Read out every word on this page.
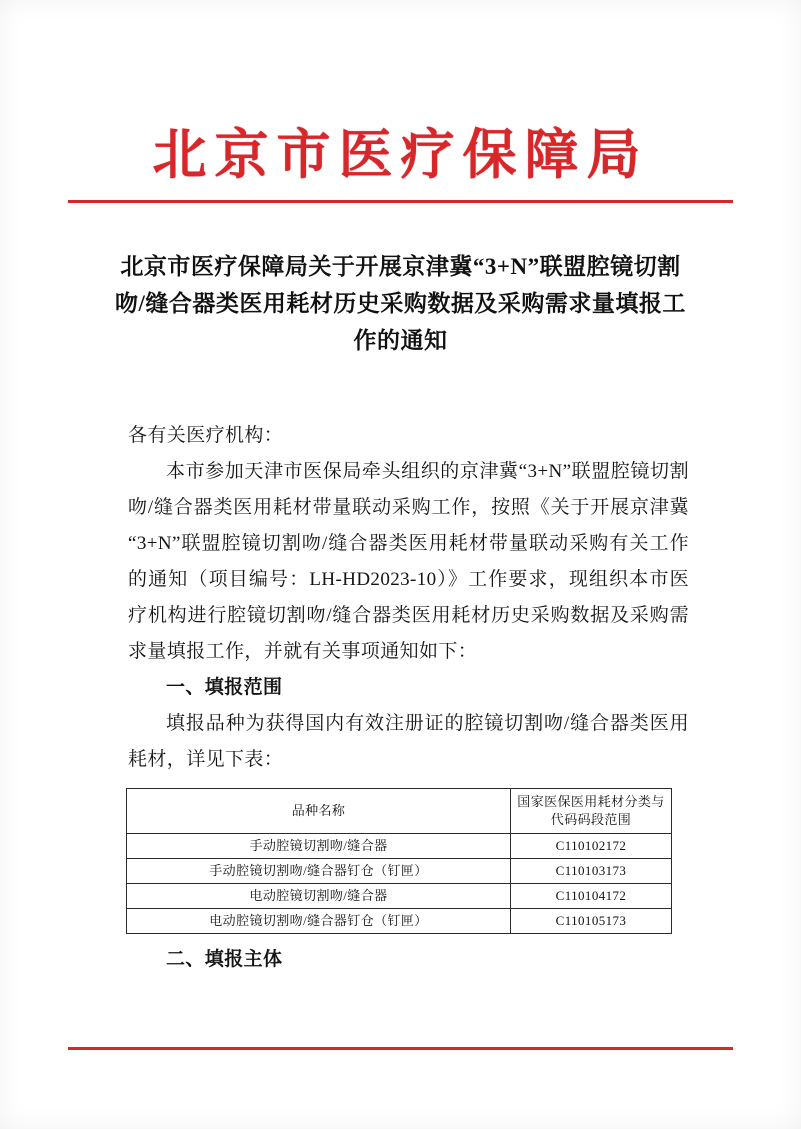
北京市医疗保障局
北京市医疗保障局关于开展京津冀“3+N”联盟腔镜切割吻/缝合器类医用耗材历史采购数据及采购需求量填报工作的通知

各有关医疗机构：

本市参加天津市医保局牵头组织的京津冀“3+N”联盟腔镜切割吻/缝合器类医用耗材带量联动采购工作，按照《关于开展京津冀“3+N”联盟腔镜切割吻/缝合器类医用耗材带量联动采购有关工作的通知（项目编号：LH-HD2023-10）》工作要求，现组织本市医疗机构进行腔镜切割吻/缝合器类医用耗材历史采购数据及采购需求量填报工作，并就有关事项通知如下：

一、填报范围

填报品种为获得国内有效注册证的腔镜切割吻/缝合器类医用耗材，详见下表：

品种名称	国家医保医用耗材分类与代码码段范围
手动腔镜切割吻/缝合器	C110102172
手动腔镜切割吻/缝合器钉仓（钉匣）	C110103173
电动腔镜切割吻/缝合器	C110104172
电动腔镜切割吻/缝合器钉仓（钉匣）	C110105173

二、填报主体
